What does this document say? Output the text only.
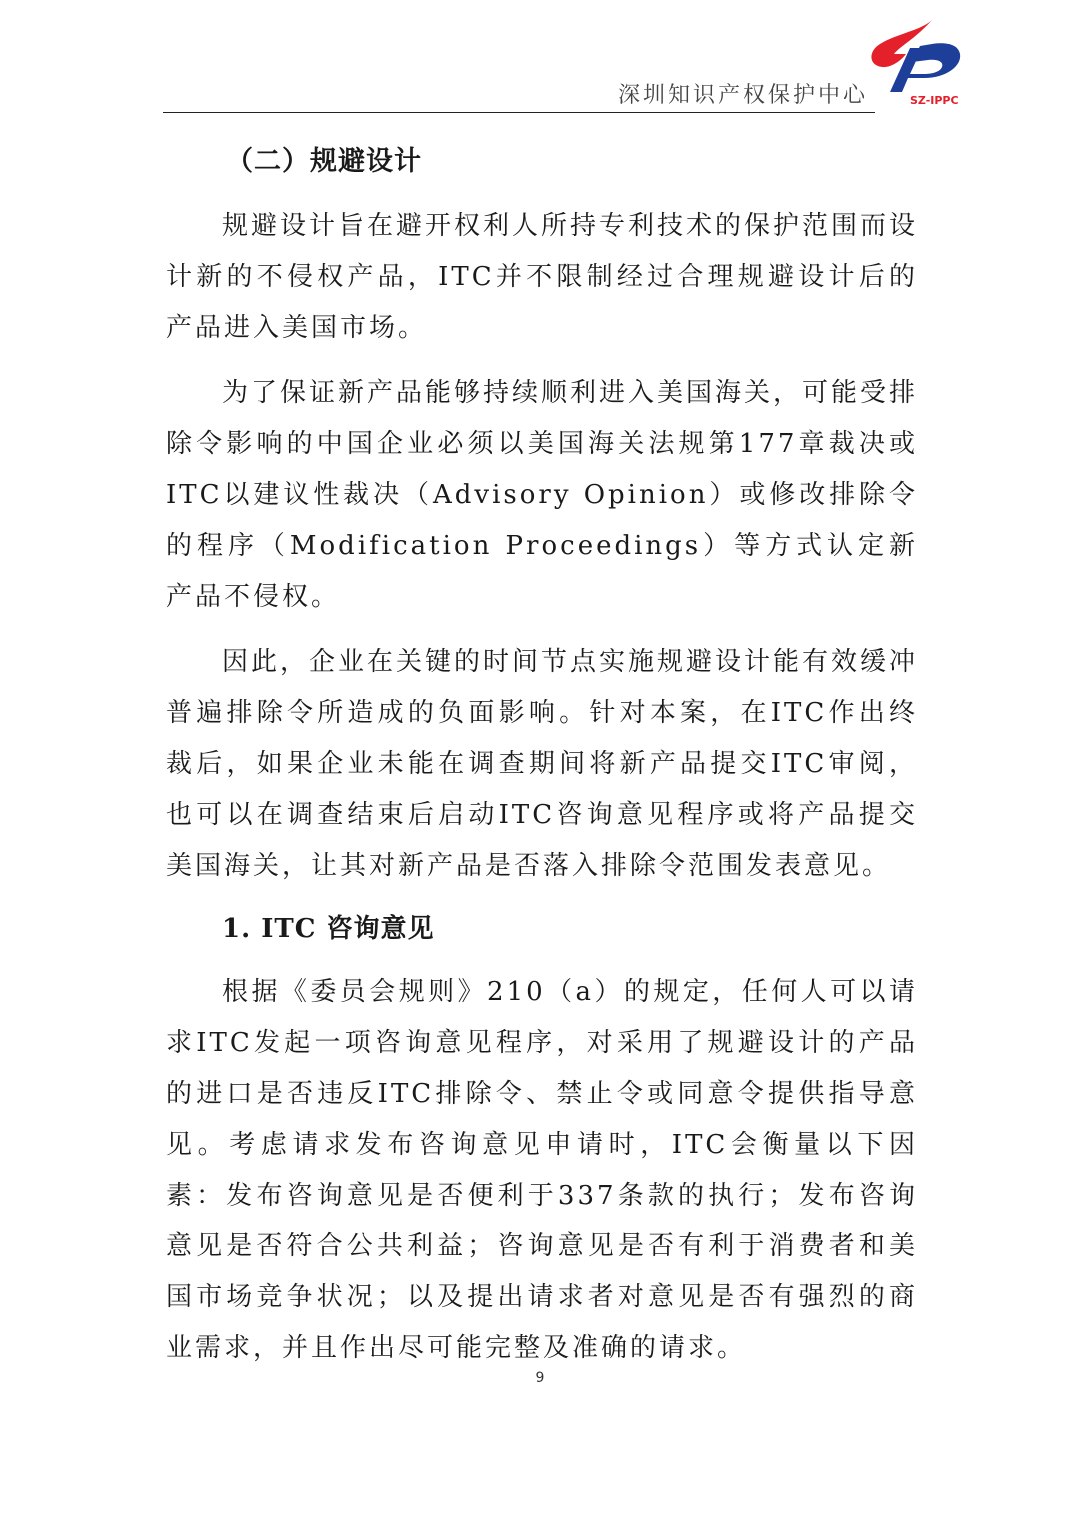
深圳知识产权保护中心	SZ-IPPC
（二）规避设计

规避设计旨在避开权利人所持专利技术的保护范围而设计新的不侵权产品，ITC并不限制经过合理规避设计后的产品进入美国市场。

为了保证新产品能够持续顺利进入美国海关，可能受排除令影响的中国企业必须以美国海关法规第177章裁决或ITC以建议性裁决（Advisory Opinion）或修改排除令的程序（Modification Proceedings）等方式认定新产品不侵权。

因此，企业在关键的时间节点实施规避设计能有效缓冲普遍排除令所造成的负面影响。针对本案，在ITC作出终裁后，如果企业未能在调查期间将新产品提交ITC审阅，也可以在调查结束后启动ITC咨询意见程序或将产品提交美国海关，让其对新产品是否落入排除令范围发表意见。

1. ITC 咨询意见

根据《委员会规则》210（a）的规定，任何人可以请求ITC发起一项咨询意见程序，对采用了规避设计的产品的进口是否违反ITC排除令、禁止令或同意令提供指导意见。考虑请求发布咨询意见申请时，ITC会衡量以下因素：发布咨询意见是否便利于337条款的执行；发布咨询意见是否符合公共利益；咨询意见是否有利于消费者和美国市场竞争状况；以及提出请求者对意见是否有强烈的商业需求，并且作出尽可能完整及准确的请求。

9
